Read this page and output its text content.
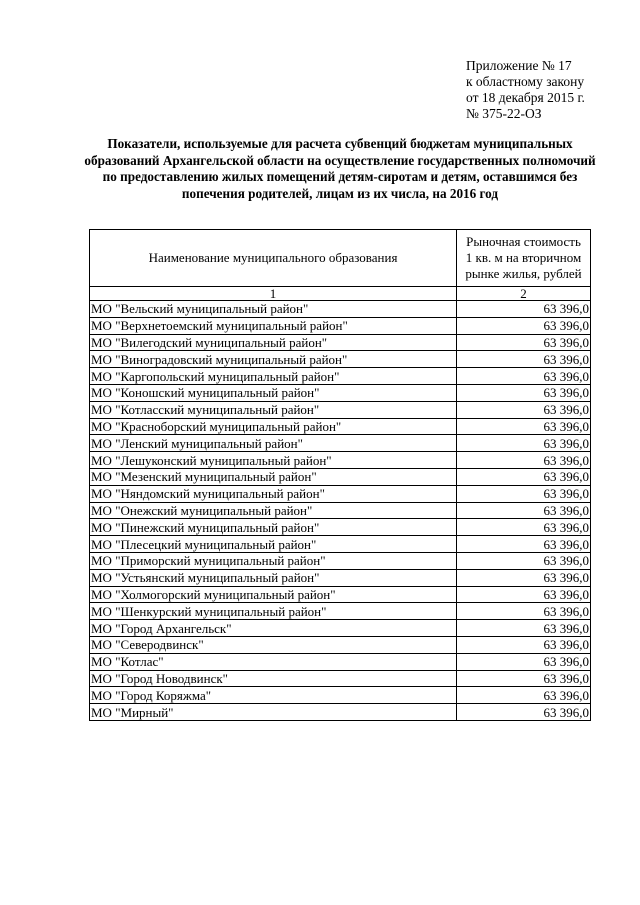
Приложение № 17
к областному закону
от 18 декабря 2015 г.
№ 375-22-ОЗ
Показатели, используемые для расчета субвенций бюджетам муниципальных
образований Архангельской области на осуществление государственных полномочий
по предоставлению жилых помещений детям-сиротам и детям, оставшимся без
попечения родителей, лицам из их числа, на 2016 год
Наименование муниципального образования	Рыночная стоимость
1 кв. м на вторичном
рынке жилья, рублей

1	2
МО "Вельский муниципальный район"	63 396,0
МО "Верхнетоемский муниципальный район"	63 396,0
МО "Вилегодский муниципальный район"	63 396,0
МО "Виноградовский муниципальный район"	63 396,0
МО "Каргопольский муниципальный район"	63 396,0
МО "Коношский муниципальный район"	63 396,0
МО "Котласский муниципальный район"	63 396,0
МО "Красноборский муниципальный район"	63 396,0
МО "Ленский муниципальный район"	63 396,0
МО "Лешуконский муниципальный район"	63 396,0
МО "Мезенский муниципальный район"	63 396,0
МО "Няндомский муниципальный район"	63 396,0
МО "Онежский муниципальный район"	63 396,0
МО "Пинежский муниципальный район"	63 396,0
МО "Плесецкий муниципальный район"	63 396,0
МО "Приморский муниципальный район"	63 396,0
МО "Устьянский муниципальный район"	63 396,0
МО "Холмогорский муниципальный район"	63 396,0
МО "Шенкурский муниципальный район"	63 396,0
МО "Город Архангельск"	63 396,0
МО "Северодвинск"	63 396,0
МО "Котлас"	63 396,0
МО "Город Новодвинск"	63 396,0
МО "Город Коряжма"	63 396,0
МО "Мирный"	63 396,0
